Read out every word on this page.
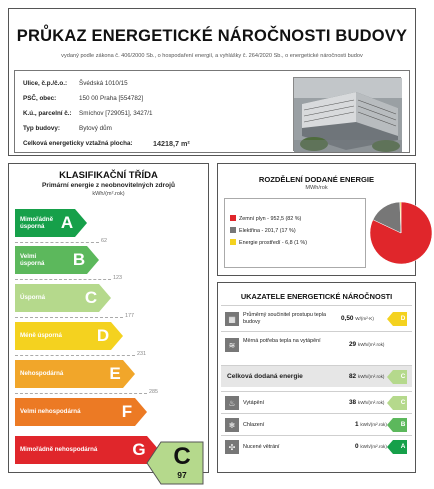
PRŮKAZ ENERGETICKÉ NÁROČNOSTI BUDOVY
vydaný podle zákona č. 406/2000 Sb., o hospodaření energií, a vyhlášky č. 264/2020 Sb., o energetické náročnosti budov
Ulice, č.p./č.o.: Švédská 1010/15
PSČ, obec:	150 00 Praha [554782]
K.ú., parcelní č.: Smíchov [729051], 3427/1
Typ budovy:	Bytový dům
Celková energeticky vztažná plocha:	14218,7 m²
KLASIFIKAČNÍ TŘÍDA
Primární energie z neobnovitelných zdrojů
kWh/(m².rok)
Mimořádně úsporná A
Velmi úsporná	B
Úsporná	C
Méně úsporná	D
Nehospodárná	E
Velmi nehospodárná	F
Mimořádně nehospodárná	G
62
123
177
231
285
C
97
ROZDĚLENÍ DODANÉ ENERGIE
MWh/rok
Zemní plyn - 952,5 (82 %)
Elektřina - 201,7 (17 %)
Energie prostředí - 6,8 (1 %)
UKAZATELE ENERGETICKÉ NÁROČNOSTI
▦	Průměrný součinitel prostupu tepla budovy	0,50 W/(m²·K)	D
≋	Měrná potřeba tepla na vytápění	29 kWh/(m².rok)
Celková dodaná energie	82 kWh/(m².rok)	C
♨	Vytápění	38 kWh/(m².rok)	C
❄	Chlazení	1 kWh/(m².rok)	B
✣	Nucené větrání	0 kWh/(m².rok)	A
